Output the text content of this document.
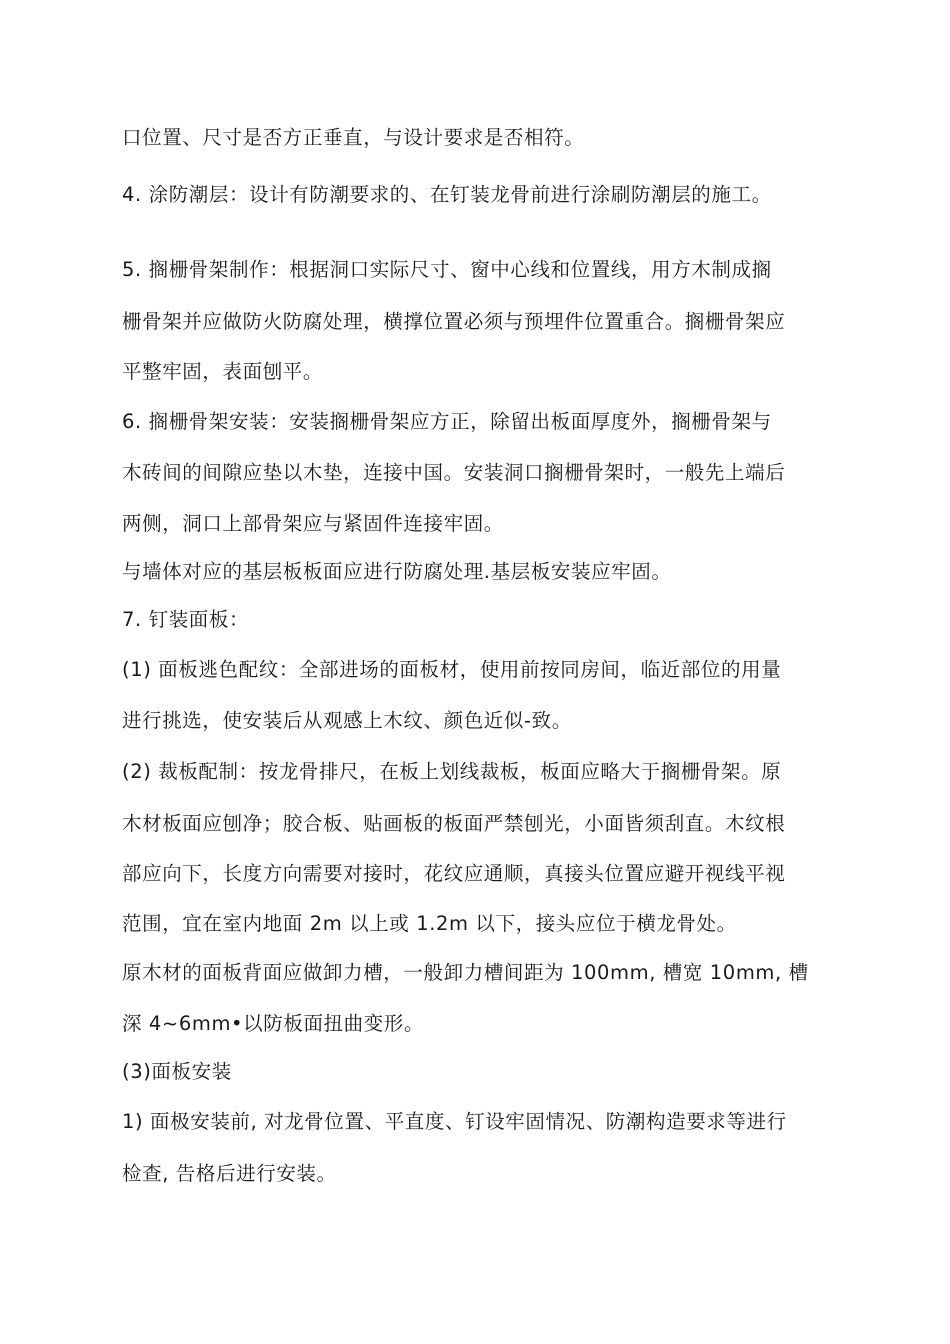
口位置、尺寸是否方正垂直，与设计要求是否相符。
4. 涂防潮层：设计有防潮要求的、在钉装龙骨前进行涂刷防潮层的施工。
5. 搁栅骨架制作：根据洞口实际尺寸、窗中心线和位置线，用方木制成搁
栅骨架并应做防火防腐处理，横撑位置必须与预埋件位置重合。搁栅骨架应
平整牢固，表面刨平。
6. 搁栅骨架安装：安装搁栅骨架应方正，除留出板面厚度外，搁栅骨架与
木砖间的间隙应垫以木垫，连接中国。安装洞口搁栅骨架时，一般先上端后
两侧，洞口上部骨架应与紧固件连接牢固。
与墙体对应的基层板板面应进行防腐处理.基层板安装应牢固。
7. 钉装面板：
(1) 面板逃色配纹：全部进场的面板材，使用前按同房间，临近部位的用量
进行挑选，使安装后从观感上木纹、颜色近似-致。
(2) 裁板配制：按龙骨排尺，在板上划线裁板，板面应略大于搁栅骨架。原
木材板面应刨净；胶合板、贴画板的板面严禁刨光，小面皆须刮直。木纹根
部应向下，长度方向需要对接时，花纹应通顺，真接头位置应避开视线平视
范围，宜在室内地面 2m 以上或 1.2m 以下，接头应位于横龙骨处。
原木材的面板背面应做卸力槽，一般卸力槽间距为 100mm, 槽宽 10mm, 槽
深 4~6mm•以防板面扭曲变形。
(3)面板安装
1) 面极安装前, 对龙骨位置、平直度、钉设牢固情况、防潮构造要求等进行
检查, 告格后进行安装。
